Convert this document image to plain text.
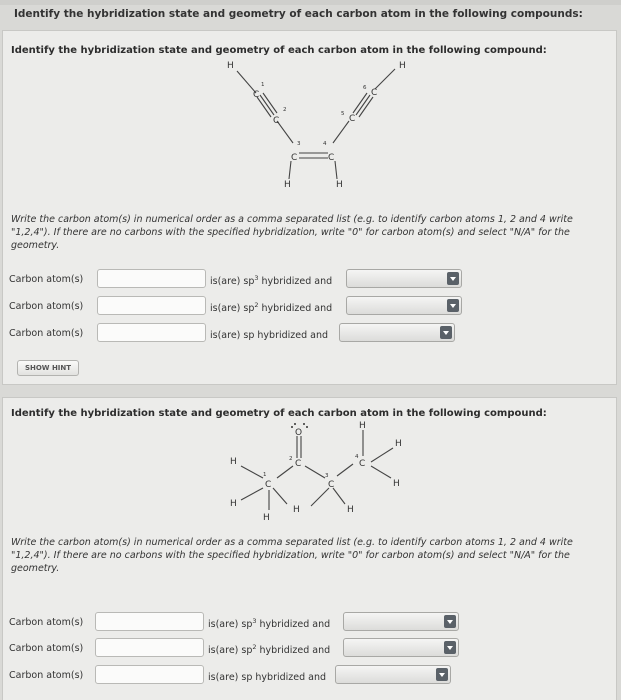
Identify the hybridization state and geometry of each carbon atom in the following compounds:
Identify the hybridization state and geometry of each carbon atom in the following compound:
H
C
C
C	C
C
C
H
H	H
1
2
3	4
5
6
Write the carbon atom(s) in numerical order as a comma separated list (e.g. to identify carbon atoms 1, 2 and 4 write "1,2,4"). If there are no carbons with the specified hybridization, write "0" for carbon atom(s) and select "N/A" for the geometry.
Carbon atom(s)	is(are) $sp^3$ hybridized and
Carbon atom(s)	is(are) $sp^2$ hybridized and
Carbon atom(s)	is(are) sp hybridized and
SHOW HINT
Identify the hybridization state and geometry of each carbon atom in the following compound:
O
H
H
H
C
C
C
C
H
H	H
H
H
1
2
3
4
Write the carbon atom(s) in numerical order as a comma separated list (e.g. to identify carbon atoms 1, 2 and 4 write "1,2,4"). If there are no carbons with the specified hybridization, write "0" for carbon atom(s) and select "N/A" for the geometry.
Carbon atom(s)	is(are) $sp^3$ hybridized and
Carbon atom(s)	is(are) $sp^2$ hybridized and
Carbon atom(s)	is(are) sp hybridized and
